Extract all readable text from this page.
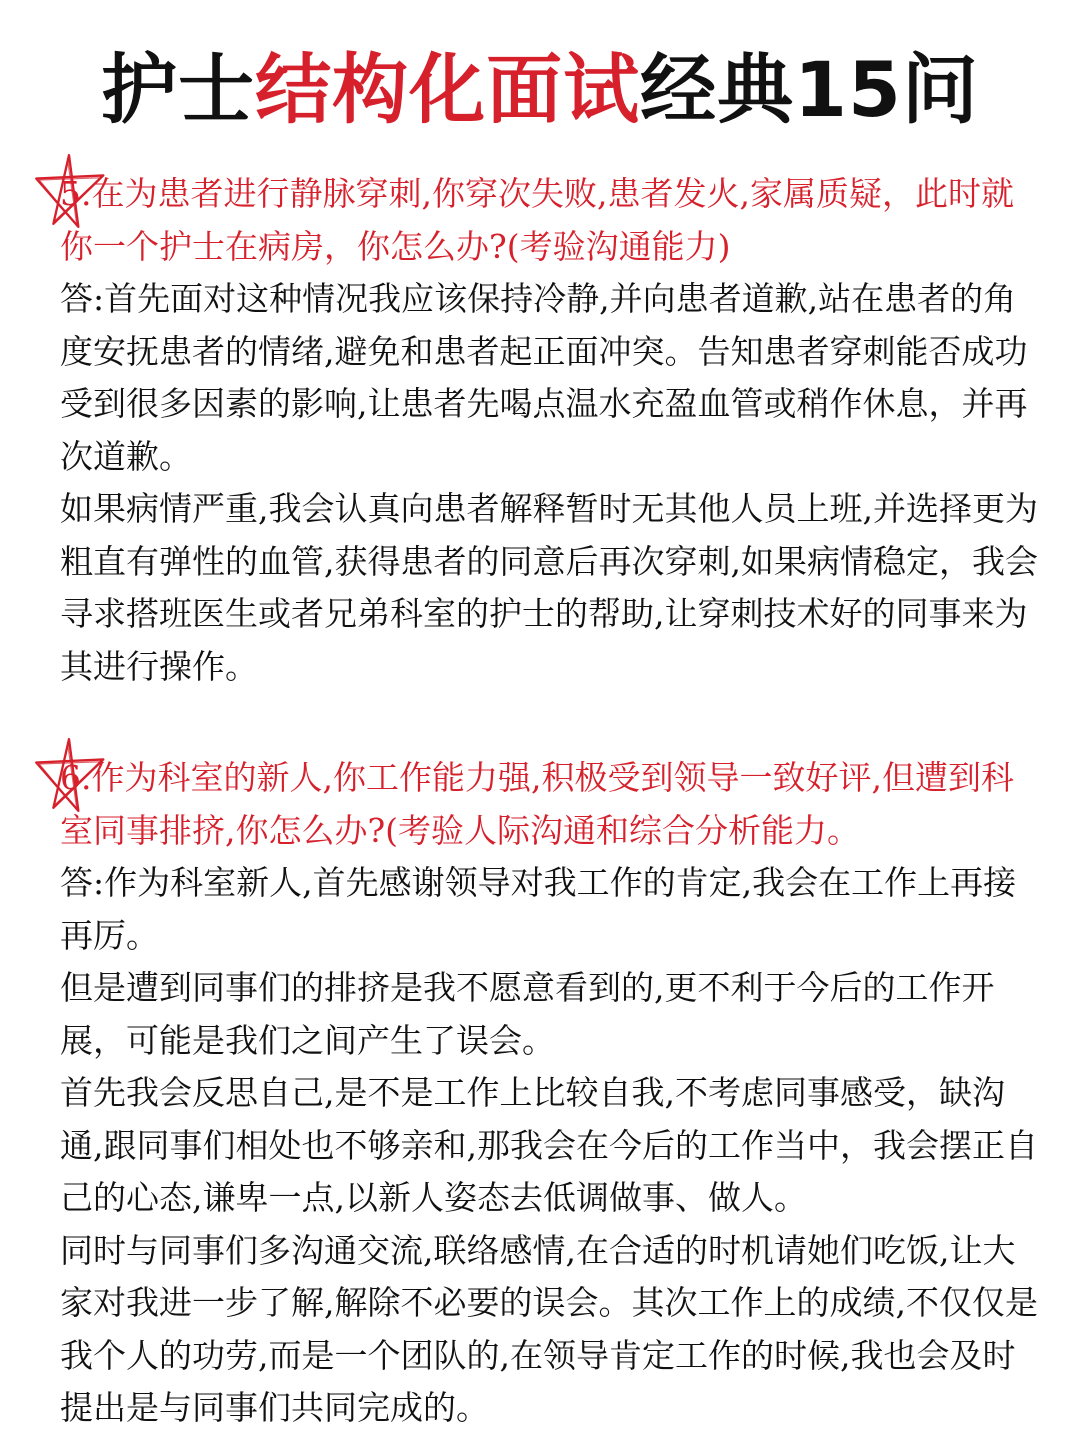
护士结构化面试经典15问

5.在为患者进行静脉穿刺,你穿次失败,患者发火,家属质疑，此时就你一个护士在病房，你怎么办?(考验沟通能力)

答:首先面对这种情况我应该保持冷静,并向患者道歉,站在患者的角度安抚患者的情绪,避免和患者起正面冲突。告知患者穿刺能否成功受到很多因素的影响,让患者先喝点温水充盈血管或稍作休息，并再次道歉。

如果病情严重,我会认真向患者解释暂时无其他人员上班,并选择更为粗直有弹性的血管,获得患者的同意后再次穿刺,如果病情稳定，我会寻求搭班医生或者兄弟科室的护士的帮助,让穿刺技术好的同事来为其进行操作。

6.作为科室的新人,你工作能力强,积极受到领导一致好评,但遭到科室同事排挤,你怎么办?(考验人际沟通和综合分析能力。

答:作为科室新人,首先感谢领导对我工作的肯定,我会在工作上再接再厉。

但是遭到同事们的排挤是我不愿意看到的,更不利于今后的工作开展，可能是我们之间产生了误会。

首先我会反思自己,是不是工作上比较自我,不考虑同事感受，缺沟通,跟同事们相处也不够亲和,那我会在今后的工作当中，我会摆正自己的心态,谦卑一点,以新人姿态去低调做事、做人。

同时与同事们多沟通交流,联络感情,在合适的时机请她们吃饭,让大家对我进一步了解,解除不必要的误会。其次工作上的成绩,不仅仅是我个人的功劳,而是一个团队的,在领导肯定工作的时候,我也会及时提出是与同事们共同完成的。
